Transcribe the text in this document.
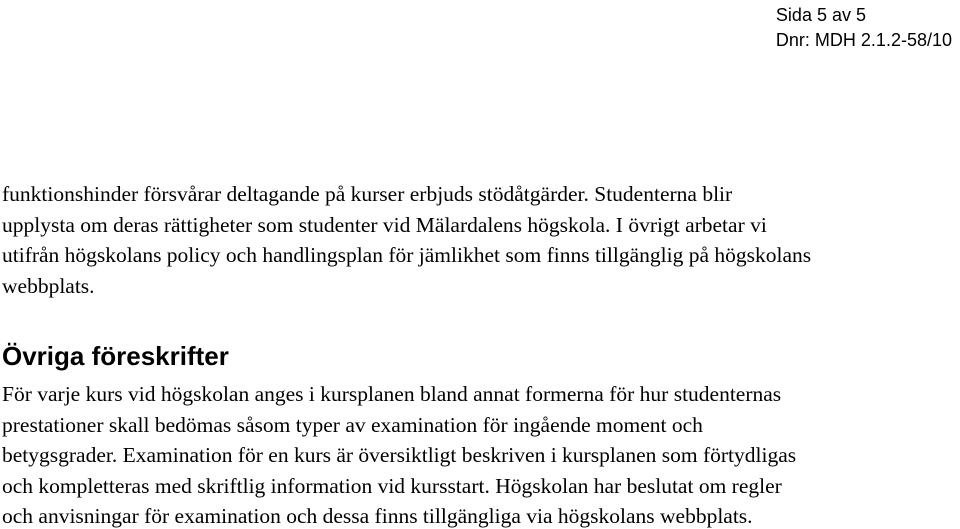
Sida 5 av 5
Dnr: MDH 2.1.2-58/10
funktionshinder försvårar deltagande på kurser erbjuds stödåtgärder. Studenterna blir
upplysta om deras rättigheter som studenter vid Mälardalens högskola. I övrigt arbetar vi
utifrån högskolans policy och handlingsplan för jämlikhet som finns tillgänglig på högskolans
webbplats.
Övriga föreskrifter
För varje kurs vid högskolan anges i kursplanen bland annat formerna för hur studenternas
prestationer skall bedömas såsom typer av examination för ingående moment och
betygsgrader. Examination för en kurs är översiktligt beskriven i kursplanen som förtydligas
och kompletteras med skriftlig information vid kursstart. Högskolan har beslutat om regler
och anvisningar för examination och dessa finns tillgängliga via högskolans webbplats.
